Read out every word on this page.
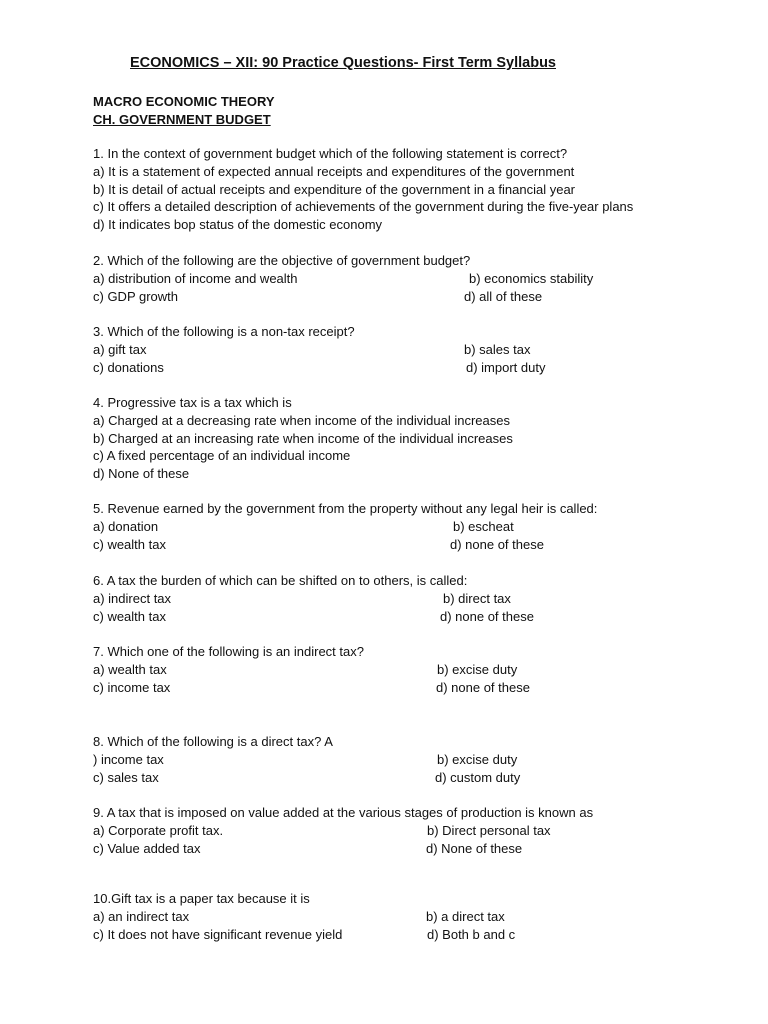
ECONOMICS – XII: 90 Practice Questions- First Term Syllabus
MACRO ECONOMIC THEORY
CH. GOVERNMENT BUDGET
1. In the context of government budget which of the following statement is correct?
a) It is a statement of expected annual receipts and expenditures of the government
b) It is detail of actual receipts and expenditure of the government in a financial year
c) It offers a detailed description of achievements of the government during the five-year plans
d) It indicates bop status of the domestic economy
2. Which of the following are the objective of government budget?
a) distribution of income and wealth	b) economics stability
c) GDP growth	d) all of these
3. Which of the following is a non-tax receipt?
a) gift tax	b) sales tax
c) donations	d) import duty
4. Progressive tax is a tax which is
a) Charged at a decreasing rate when income of the individual increases
b) Charged at an increasing rate when income of the individual increases
c) A fixed percentage of an individual income
d) None of these
5. Revenue earned by the government from the property without any legal heir is called:
a) donation	b) escheat
c) wealth tax	d) none of these
6. A tax the burden of which can be shifted on to others, is called:
a) indirect tax	b) direct tax
c) wealth tax	d) none of these
7. Which one of the following is an indirect tax?
a) wealth tax	b) excise duty
c) income tax	d) none of these
8. Which of the following is a direct tax? A
) income tax	b) excise duty
c) sales tax	d) custom duty
9. A tax that is imposed on value added at the various stages of production is known as
a) Corporate profit tax.	b) Direct personal tax
c) Value added tax	d) None of these
10.Gift tax is a paper tax because it is
a) an indirect tax	b) a direct tax
c) It does not have significant revenue yield	d) Both b and c
